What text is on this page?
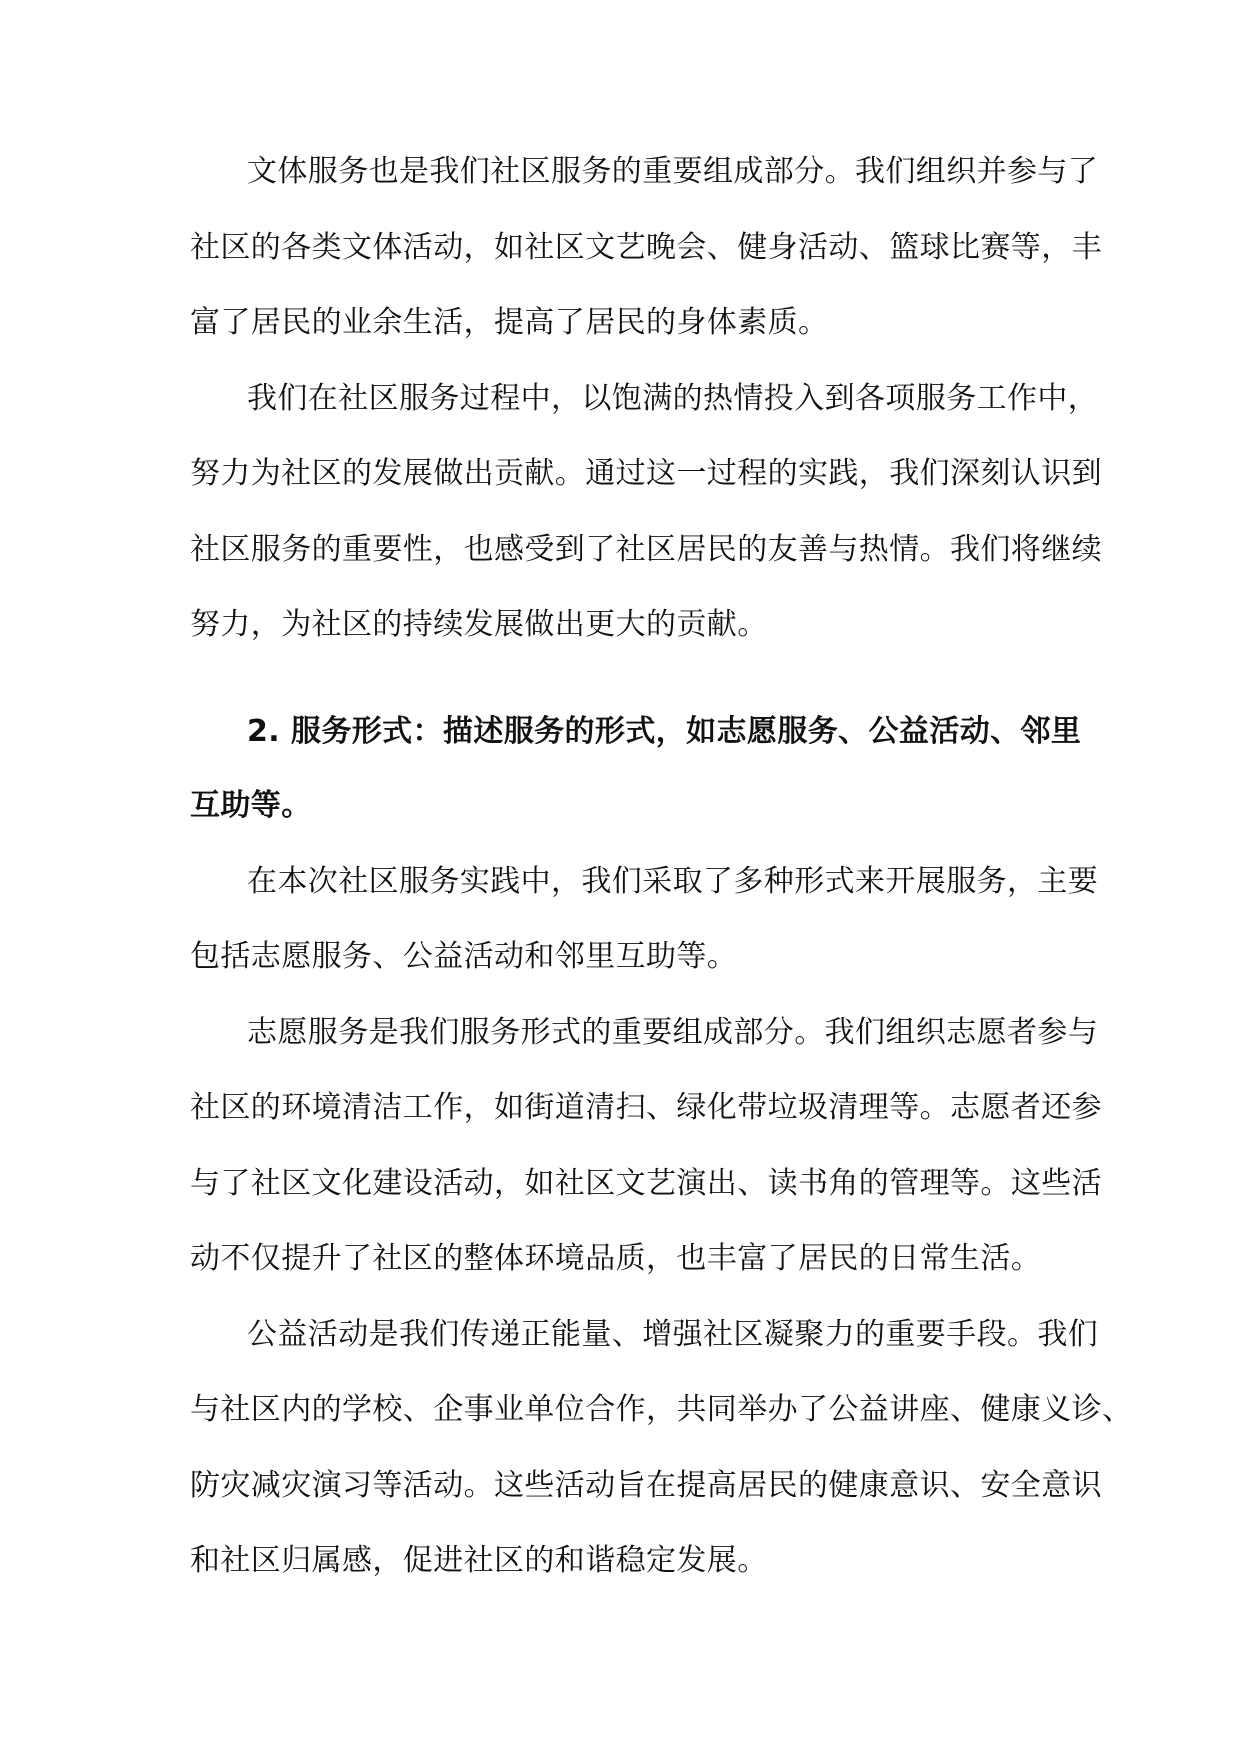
文体服务也是我们社区服务的重要组成部分。我们组织并参与了
社区的各类文体活动，如社区文艺晚会、健身活动、篮球比赛等，丰
富了居民的业余生活，提高了居民的身体素质。
我们在社区服务过程中，以饱满的热情投入到各项服务工作中，
努力为社区的发展做出贡献。通过这一过程的实践，我们深刻认识到
社区服务的重要性，也感受到了社区居民的友善与热情。我们将继续
努力，为社区的持续发展做出更大的贡献。
2. 服务形式：描述服务的形式，如志愿服务、公益活动、邻里
互助等。
在本次社区服务实践中，我们采取了多种形式来开展服务，主要
包括志愿服务、公益活动和邻里互助等。
志愿服务是我们服务形式的重要组成部分。我们组织志愿者参与
社区的环境清洁工作，如街道清扫、绿化带垃圾清理等。志愿者还参
与了社区文化建设活动，如社区文艺演出、读书角的管理等。这些活
动不仅提升了社区的整体环境品质，也丰富了居民的日常生活。
公益活动是我们传递正能量、增强社区凝聚力的重要手段。我们
与社区内的学校、企事业单位合作，共同举办了公益讲座、健康义诊、
防灾减灾演习等活动。这些活动旨在提高居民的健康意识、安全意识
和社区归属感，促进社区的和谐稳定发展。
